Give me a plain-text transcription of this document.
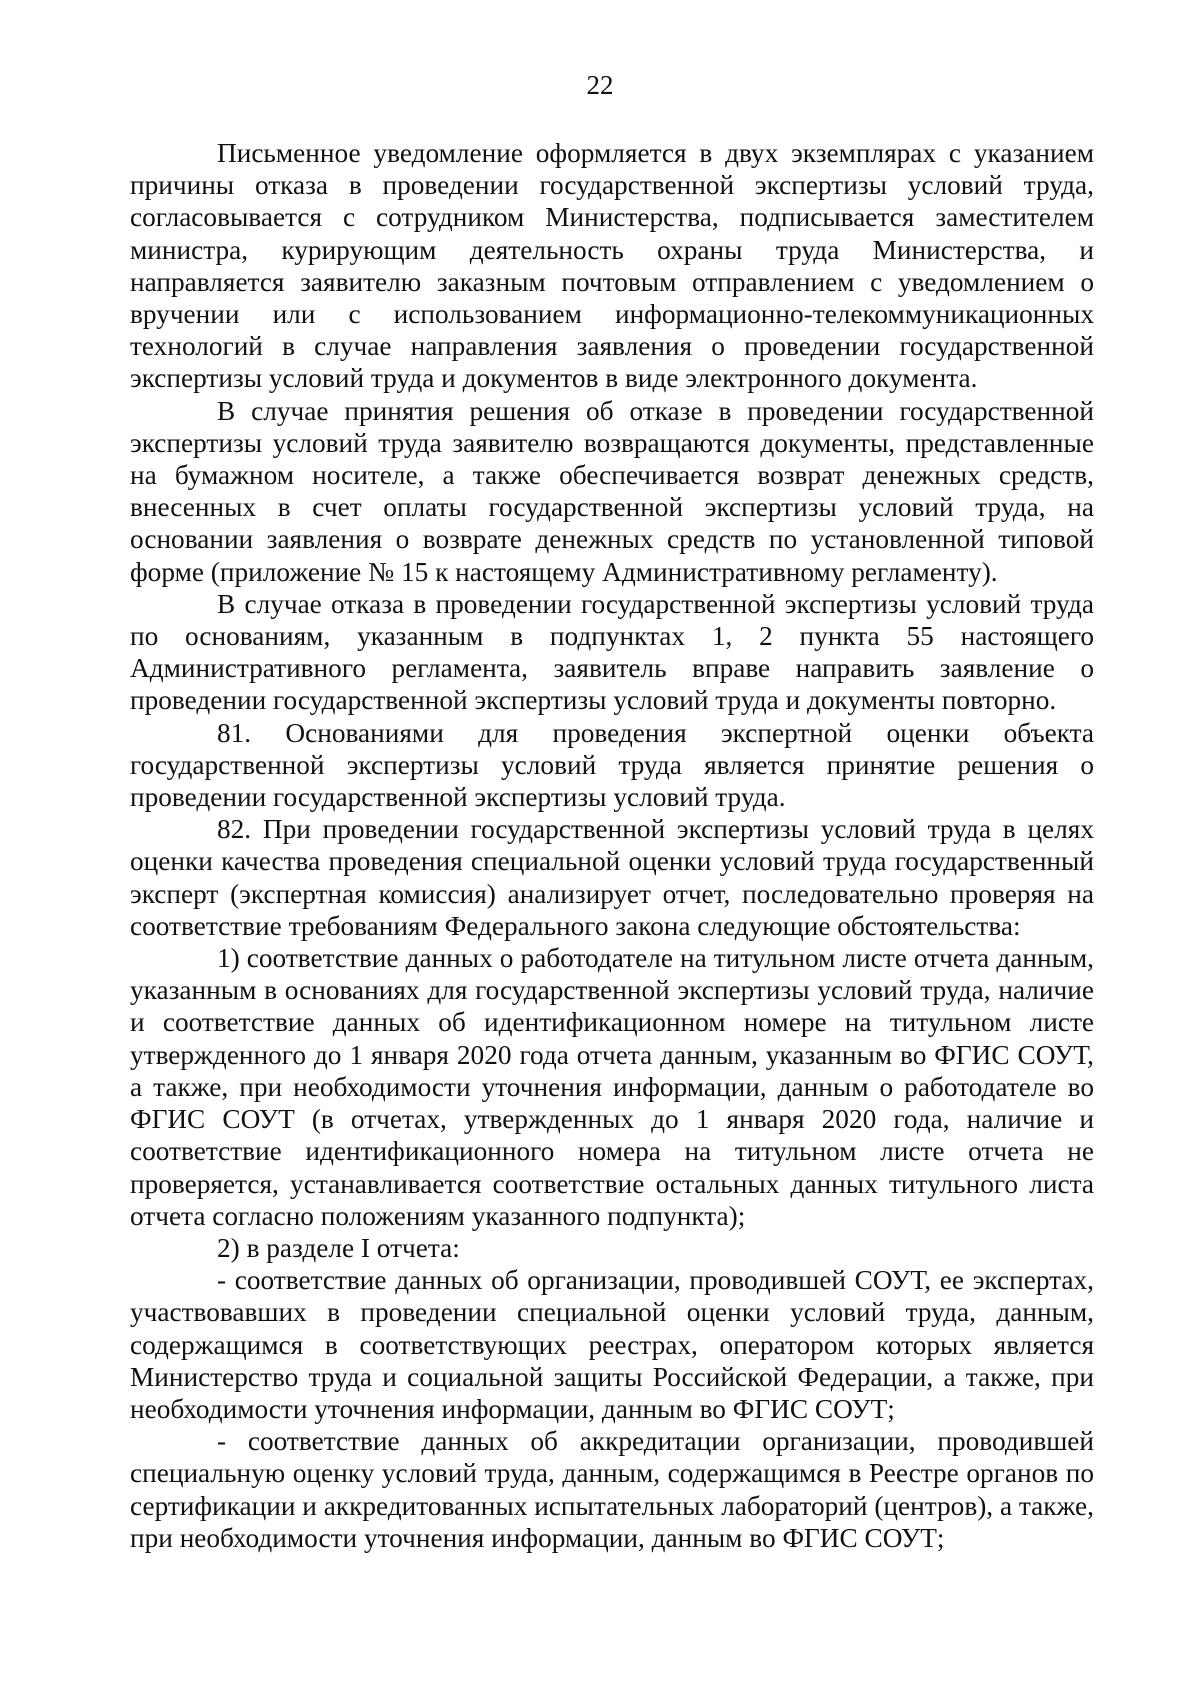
22

Письменное уведомление оформляется в двух экземплярах с указанием причины отказа в проведении государственной экспертизы условий труда, согласовывается с сотрудником Министерства, подписывается заместителем министра, курирующим деятельность охраны труда Министерства, и направляется заявителю заказным почтовым отправлением с уведомлением о вручении или с использованием информационно-телекоммуникационных технологий в случае направления заявления о проведении государственной экспертизы условий труда и документов в виде электронного документа.

В случае принятия решения об отказе в проведении государственной экспертизы условий труда заявителю возвращаются документы, представленные на бумажном носителе, а также обеспечивается возврат денежных средств, внесенных в счет оплаты государственной экспертизы условий труда, на основании заявления о возврате денежных средств по установленной типовой форме (приложение № 15 к настоящему Административному регламенту).

В случае отказа в проведении государственной экспертизы условий труда по основаниям, указанным в подпунктах 1, 2 пункта 55 настоящего Административного регламента, заявитель вправе направить заявление о проведении государственной экспертизы условий труда и документы повторно.

81. Основаниями для проведения экспертной оценки объекта государственной экспертизы условий труда является принятие решения о проведении государственной экспертизы условий труда.

82. При проведении государственной экспертизы условий труда в целях оценки качества проведения специальной оценки условий труда государственный эксперт (экспертная комиссия) анализирует отчет, последовательно проверяя на соответствие требованиям Федерального закона следующие обстоятельства:

1) соответствие данных о работодателе на титульном листе отчета данным, указанным в основаниях для государственной экспертизы условий труда, наличие и соответствие данных об идентификационном номере на титульном листе утвержденного до 1 января 2020 года отчета данным, указанным во ФГИС СОУТ, а также, при необходимости уточнения информации, данным о работодателе во ФГИС СОУТ (в отчетах, утвержденных до 1 января 2020 года, наличие и соответствие идентификационного номера на титульном листе отчета не проверяется, устанавливается соответствие остальных данных титульного листа отчета согласно положениям указанного подпункта);

2) в разделе I отчета:

- соответствие данных об организации, проводившей СОУТ, ее экспертах, участвовавших в проведении специальной оценки условий труда, данным, содержащимся в соответствующих реестрах, оператором которых является Министерство труда и социальной защиты Российской Федерации, а также, при необходимости уточнения информации, данным во ФГИС СОУТ;

- соответствие данных об аккредитации организации, проводившей специальную оценку условий труда, данным, содержащимся в Реестре органов по сертификации и аккредитованных испытательных лабораторий (центров), а также, при необходимости уточнения информации, данным во ФГИС СОУТ;
